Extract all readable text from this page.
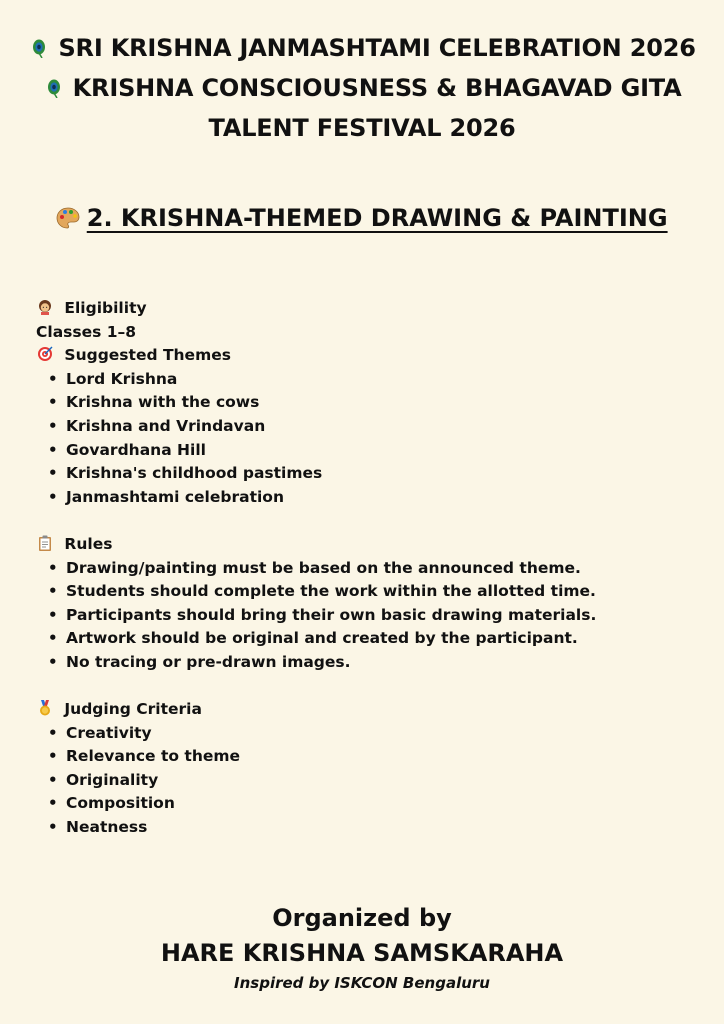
SRI KRISHNA JANMASHTAMI CELEBRATION 2026
KRISHNA CONSCIOUSNESS & BHAGAVAD GITA
TALENT FESTIVAL 2026
2. KRISHNA-THEMED DRAWING & PAINTING
Eligibility
Classes 1–8
Suggested Themes
• Lord Krishna
• Krishna with the cows
• Krishna and Vrindavan
• Govardhana Hill
• Krishna's childhood pastimes
• Janmashtami celebration
Rules
• Drawing/painting must be based on the announced theme.
• Students should complete the work within the allotted time.
• Participants should bring their own basic drawing materials.
• Artwork should be original and created by the participant.
• No tracing or pre-drawn images.
Judging Criteria
• Creativity
• Relevance to theme
• Originality
• Composition
• Neatness
Organized by
HARE KRISHNA SAMSKARAHA
Inspired by ISKCON Bengaluru
